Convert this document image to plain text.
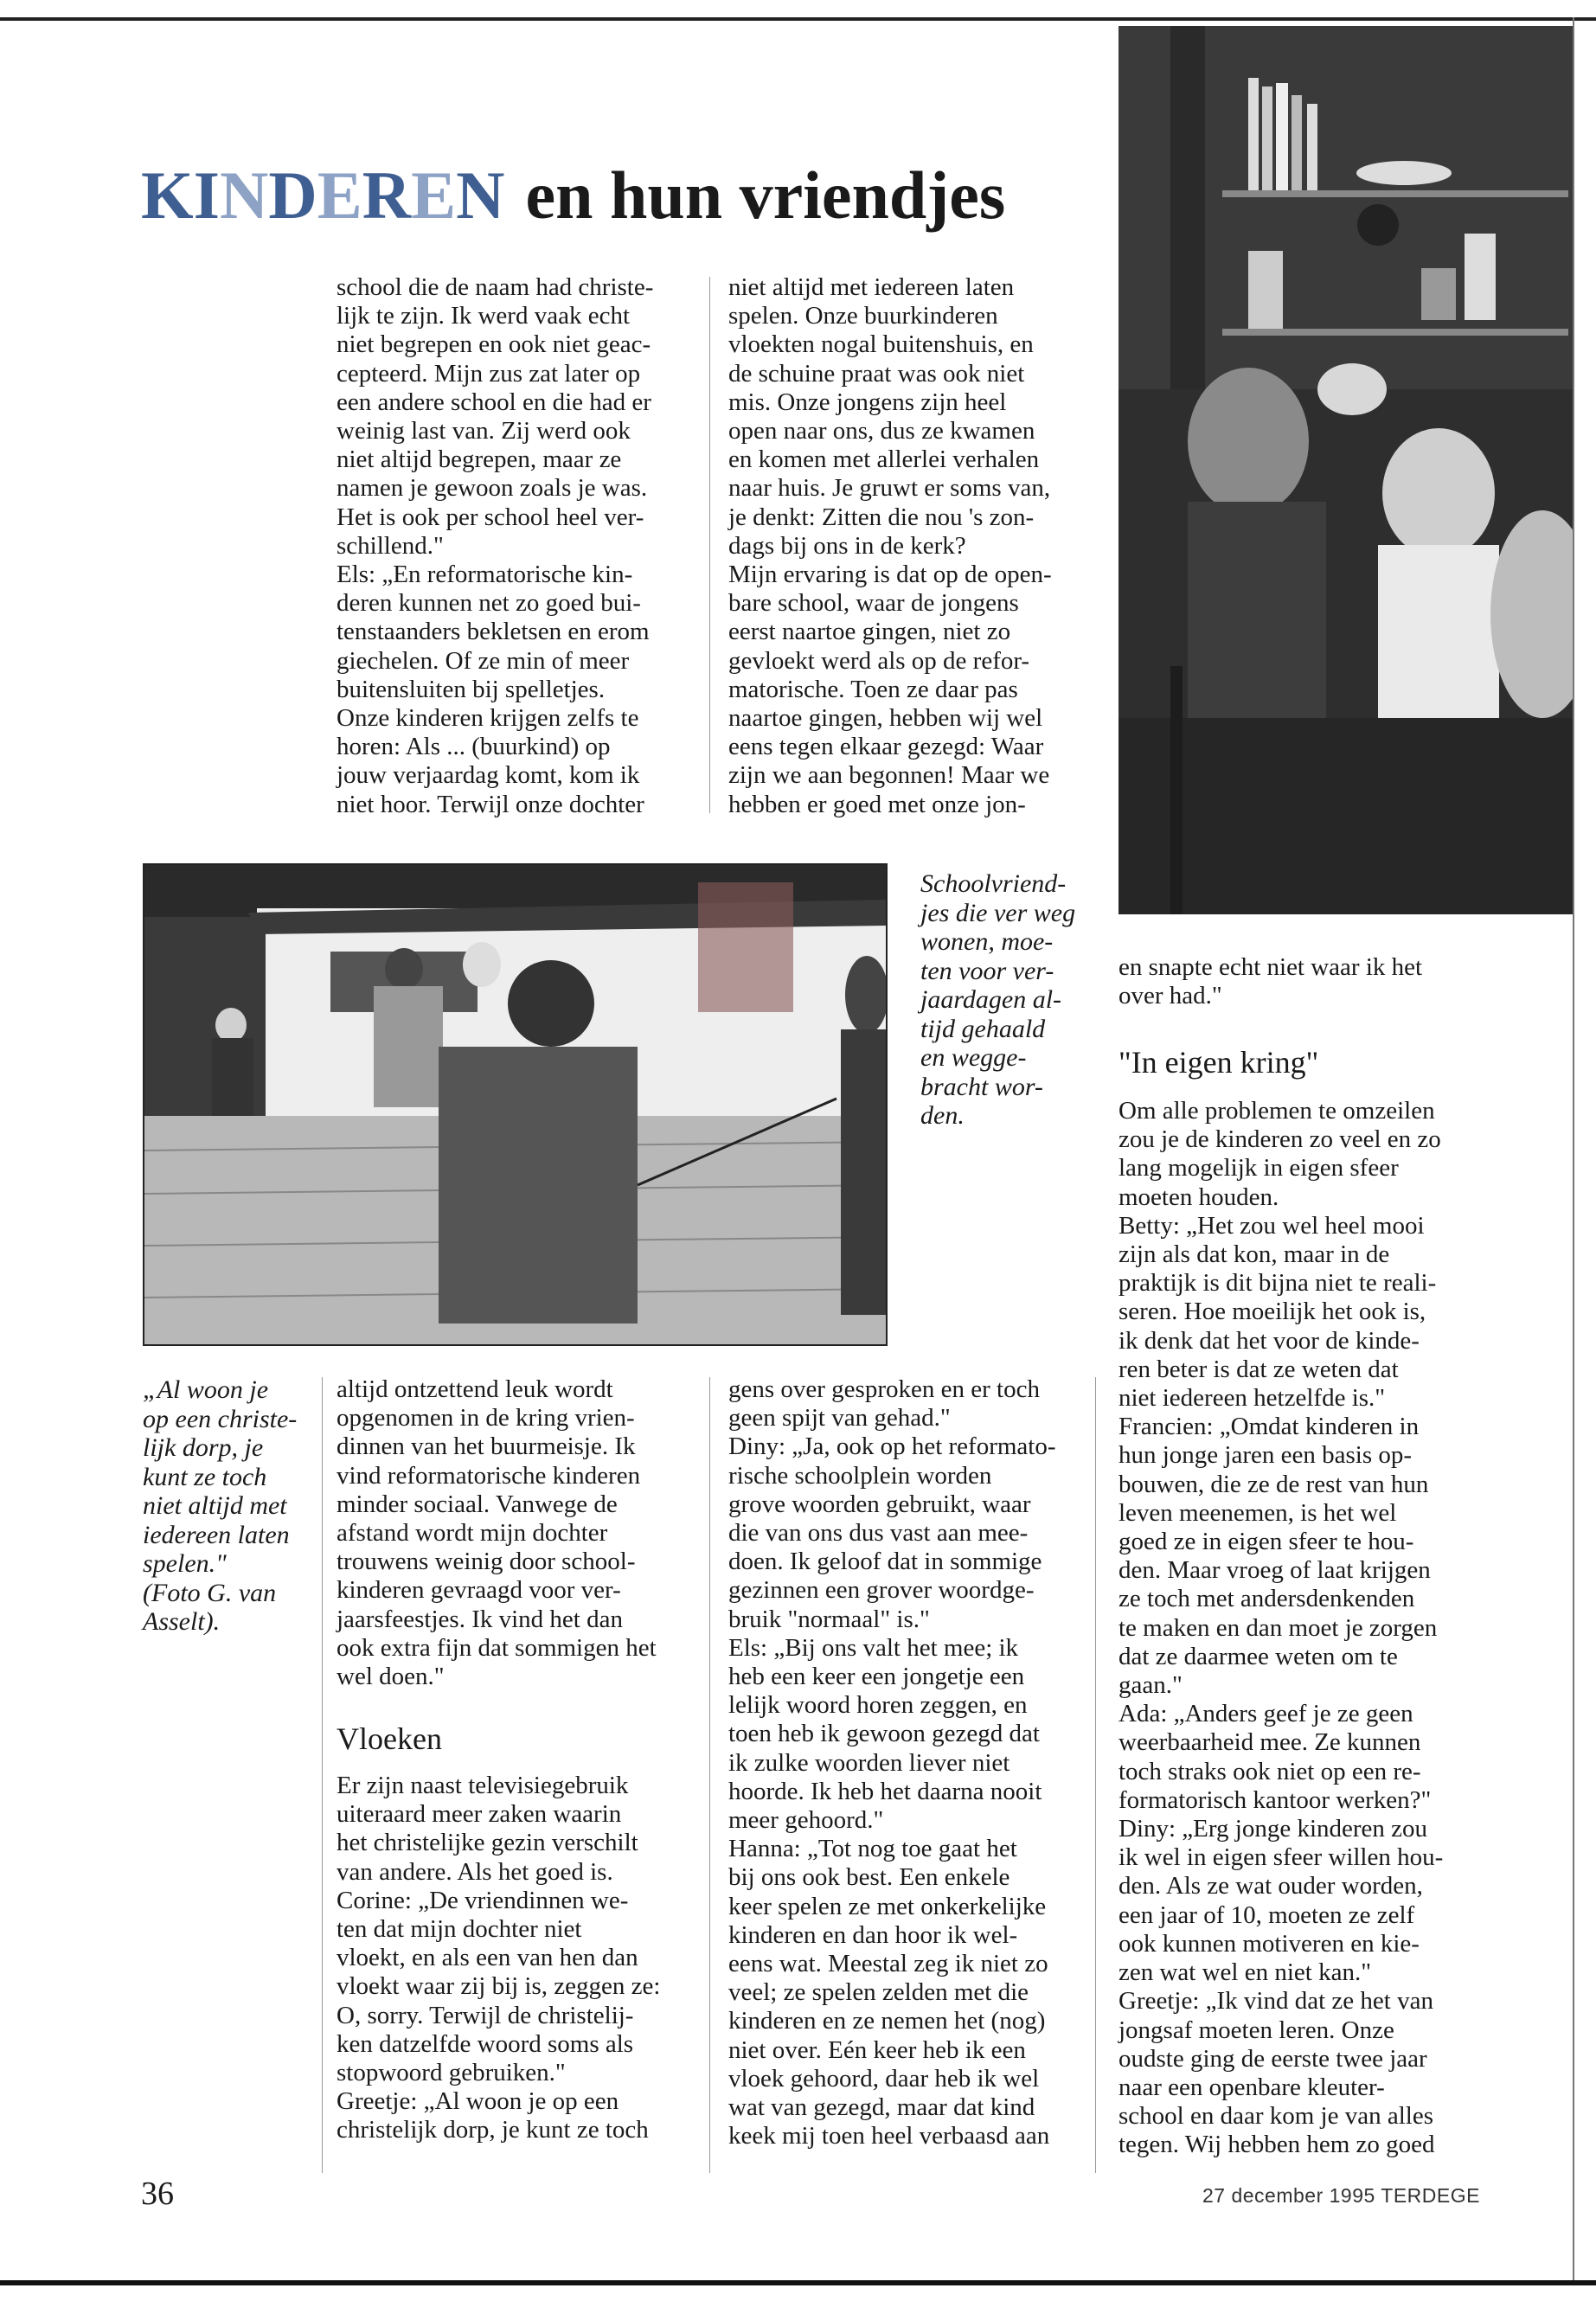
KINDEREN en hun vriendjes
school die de naam had christe-
lijk te zijn. Ik werd vaak echt
niet begrepen en ook niet geac-
cepteerd. Mijn zus zat later op
een andere school en die had er
weinig last van. Zij werd ook
niet altijd begrepen, maar ze
namen je gewoon zoals je was.
Het is ook per school heel ver-
schillend."
Els: „En reformatorische kin-
deren kunnen net zo goed bui-
tenstaanders bekletsen en erom
giechelen. Of ze min of meer
buitensluiten bij spelletjes.
Onze kinderen krijgen zelfs te
horen: Als ... (buurkind) op
jouw verjaardag komt, kom ik
niet hoor. Terwijl onze dochter
niet altijd met iedereen laten
spelen. Onze buurkinderen
vloekten nogal buitenshuis, en
de schuine praat was ook niet
mis. Onze jongens zijn heel
open naar ons, dus ze kwamen
en komen met allerlei verhalen
naar huis. Je gruwt er soms van,
je denkt: Zitten die nou 's zon-
dags bij ons in de kerk?
Mijn ervaring is dat op de open-
bare school, waar de jongens
eerst naartoe gingen, niet zo
gevloekt werd als op de refor-
matorische. Toen ze daar pas
naartoe gingen, hebben wij wel
eens tegen elkaar gezegd: Waar
zijn we aan begonnen! Maar we
hebben er goed met onze jon-
Schoolvriend-
jes die ver weg
wonen, moe-
ten voor ver-
jaardagen al-
tijd gehaald
en wegge-
bracht wor-
den.
en snapte echt niet waar ik het
over had."
"In eigen kring"
Om alle problemen te omzeilen
zou je de kinderen zo veel en zo
lang mogelijk in eigen sfeer
moeten houden.
Betty: „Het zou wel heel mooi
zijn als dat kon, maar in de
praktijk is dit bijna niet te reali-
seren. Hoe moeilijk het ook is,
ik denk dat het voor de kinde-
ren beter is dat ze weten dat
niet iedereen hetzelfde is."
Francien: „Omdat kinderen in
hun jonge jaren een basis op-
bouwen, die ze de rest van hun
leven meenemen, is het wel
goed ze in eigen sfeer te hou-
den. Maar vroeg of laat krijgen
ze toch met andersdenkenden
te maken en dan moet je zorgen
dat ze daarmee weten om te
gaan."
Ada: „Anders geef je ze geen
weerbaarheid mee. Ze kunnen
toch straks ook niet op een re-
formatorisch kantoor werken?"
Diny: „Erg jonge kinderen zou
ik wel in eigen sfeer willen hou-
den. Als ze wat ouder worden,
een jaar of 10, moeten ze zelf
ook kunnen motiveren en kie-
zen wat wel en niet kan."
Greetje: „Ik vind dat ze het van
jongsaf moeten leren. Onze
oudste ging de eerste twee jaar
naar een openbare kleuter-
school en daar kom je van alles
tegen. Wij hebben hem zo goed
„Al woon je
op een christe-
lijk dorp, je
kunt ze toch
niet altijd met
iedereen laten
spelen."
(Foto G. van
Asselt).
altijd ontzettend leuk wordt
opgenomen in de kring vrien-
dinnen van het buurmeisje. Ik
vind reformatorische kinderen
minder sociaal. Vanwege de
afstand wordt mijn dochter
trouwens weinig door school-
kinderen gevraagd voor ver-
jaarsfeestjes. Ik vind het dan
ook extra fijn dat sommigen het
wel doen."
Vloeken
Er zijn naast televisiegebruik
uiteraard meer zaken waarin
het christelijke gezin verschilt
van andere. Als het goed is.
Corine: „De vriendinnen we-
ten dat mijn dochter niet
vloekt, en als een van hen dan
vloekt waar zij bij is, zeggen ze:
O, sorry. Terwijl de christelij-
ken datzelfde woord soms als
stopwoord gebruiken."
Greetje: „Al woon je op een
christelijk dorp, je kunt ze toch
gens over gesproken en er toch
geen spijt van gehad."
Diny: „Ja, ook op het reformato-
rische schoolplein worden
grove woorden gebruikt, waar
die van ons dus vast aan mee-
doen. Ik geloof dat in sommige
gezinnen een grover woordge-
bruik "normaal" is."
Els: „Bij ons valt het mee; ik
heb een keer een jongetje een
lelijk woord horen zeggen, en
toen heb ik gewoon gezegd dat
ik zulke woorden liever niet
hoorde. Ik heb het daarna nooit
meer gehoord."
Hanna: „Tot nog toe gaat het
bij ons ook best. Een enkele
keer spelen ze met onkerkelijke
kinderen en dan hoor ik wel-
eens wat. Meestal zeg ik niet zo
veel; ze spelen zelden met die
kinderen en ze nemen het (nog)
niet over. Eén keer heb ik een
vloek gehoord, daar heb ik wel
wat van gezegd, maar dat kind
keek mij toen heel verbaasd aan
36	27 december 1995 TERDEGE
